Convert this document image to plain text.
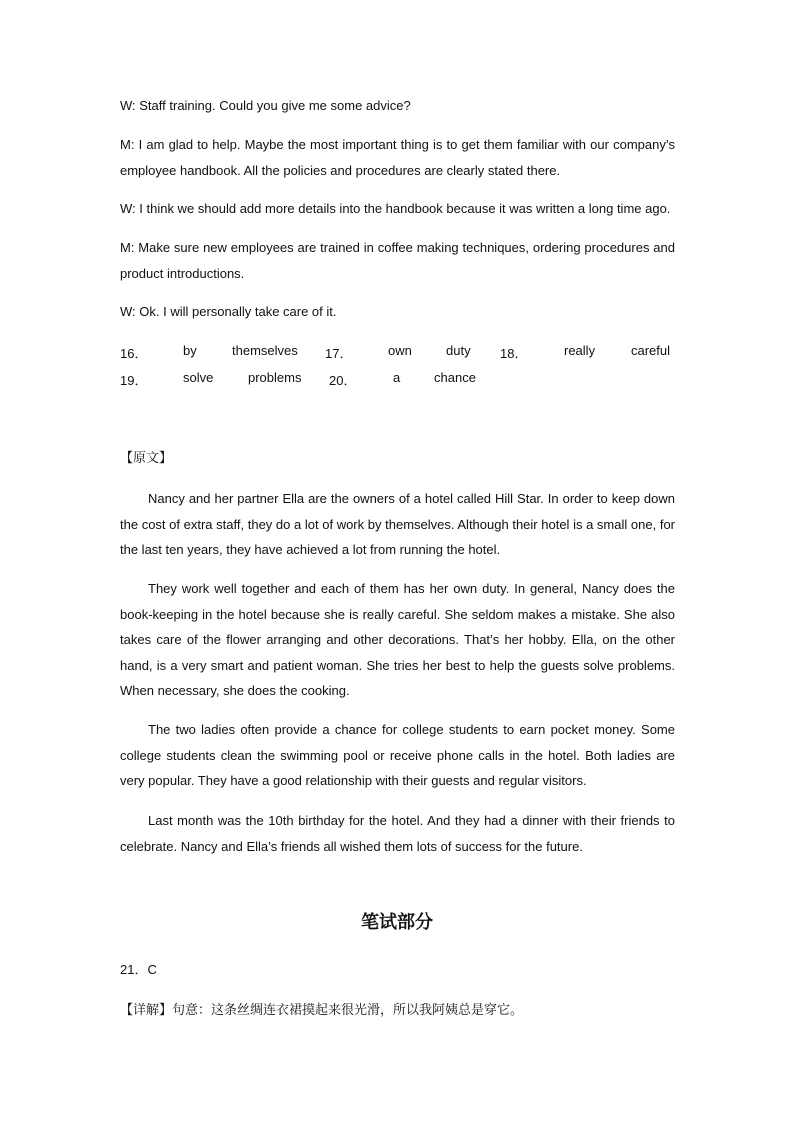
W: Staff training. Could you give me some advice?
M: I am glad to help. Maybe the most important thing is to get them familiar with our company’s employee handbook. All the policies and procedures are clearly stated there.
W: I think we should add more details into the handbook because it was written a long time ago.
M: Make sure new employees are trained in coffee making techniques, ordering procedures and product introductions.
W: Ok. I will personally take care of it.
16．	by	themselves 17．	own	duty 18．	really	careful
19．	solve	problems 20．	a	chance
【原文】
Nancy and her partner Ella are the owners of a hotel called Hill Star. In order to keep down the cost of extra staff, they do a lot of work by themselves. Although their hotel is a small one, for the last ten years, they have achieved a lot from running the hotel.
They work well together and each of them has her own duty. In general, Nancy does the book-keeping in the hotel because she is really careful. She seldom makes a mistake. She also takes care of the flower arranging and other decorations. That’s her hobby. Ella, on the other hand, is a very smart and patient woman. She tries her best to help the guests solve problems. When necessary, she does the cooking.
The two ladies often provide a chance for college students to earn pocket money. Some college students clean the swimming pool or receive phone calls in the hotel. Both ladies are very popular. They have a good relationship with their guests and regular visitors.
Last month was the 10th birthday for the hotel. And they had a dinner with their friends to celebrate. Nancy and Ella’s friends all wished them lots of success for the future.
笔试部分
21．C
【详解】句意：这条丝绸连衣裙摸起来很光滑，所以我阿姨总是穿它。
